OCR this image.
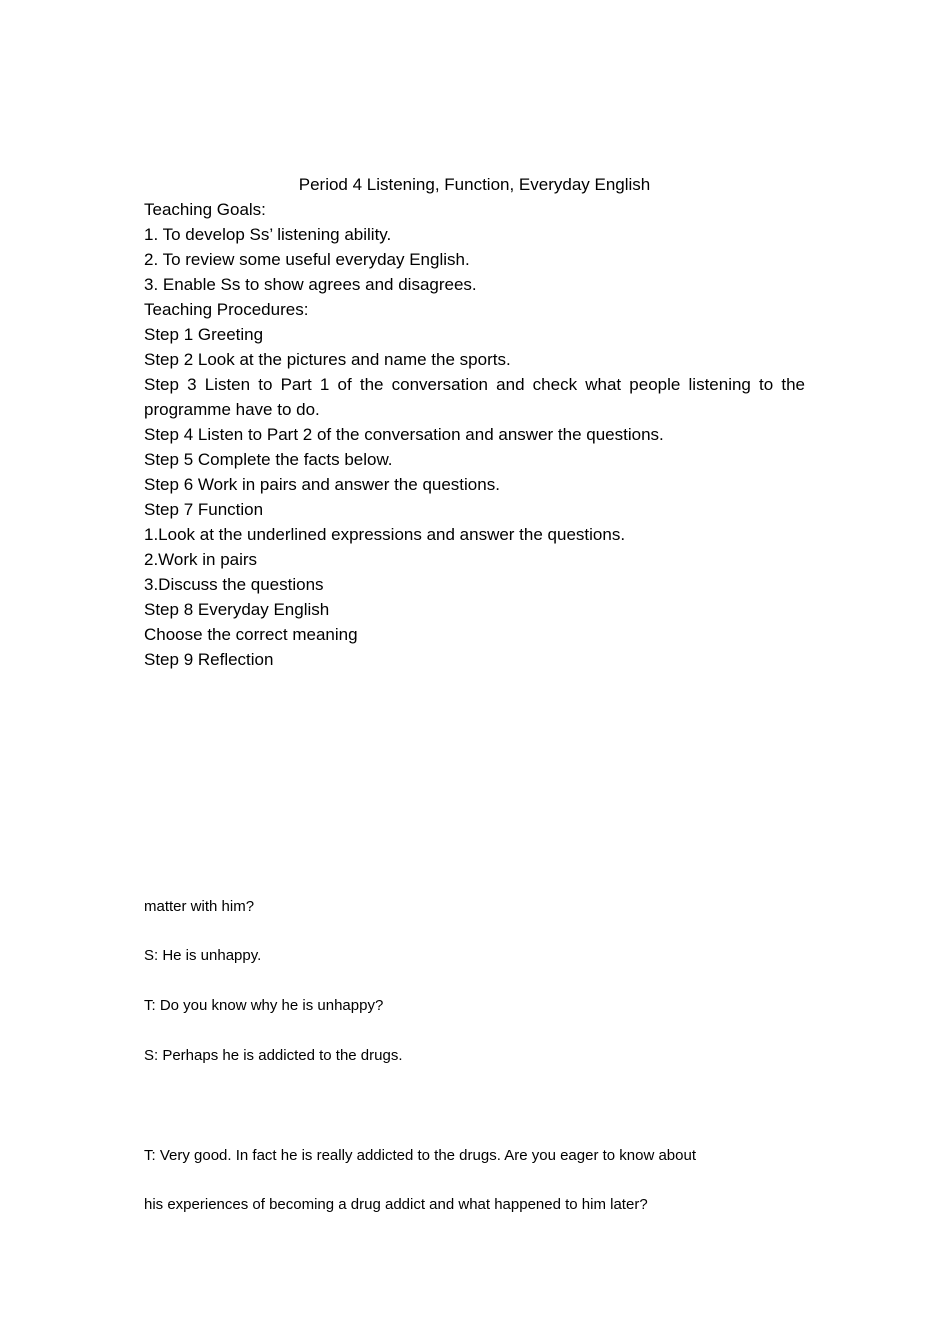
Period 4 Listening, Function, Everyday English
Teaching Goals:
1. To develop Ss’ listening ability.
2. To review some useful everyday English.
3. Enable Ss to show agrees and disagrees.
Teaching Procedures:
Step 1 Greeting
Step 2 Look at the pictures and name the sports.
Step 3 Listen to Part 1 of the conversation and check what people listening to the
programme have to do.
Step 4 Listen to Part 2 of the conversation and answer the questions.
Step 5 Complete the facts below.
Step 6 Work in pairs and answer the questions.
Step 7 Function
1.Look at the underlined expressions and answer the questions.
2.Work in pairs
3.Discuss the questions
Step 8 Everyday English
Choose the correct meaning
Step 9 Reflection
matter with him?
S: He is unhappy.
T: Do you know why he is unhappy?
S: Perhaps he is addicted to the drugs.
T: Very good. In fact he is really addicted to the drugs. Are you eager to know about
his experiences of becoming a drug addict and what happened to him later?
